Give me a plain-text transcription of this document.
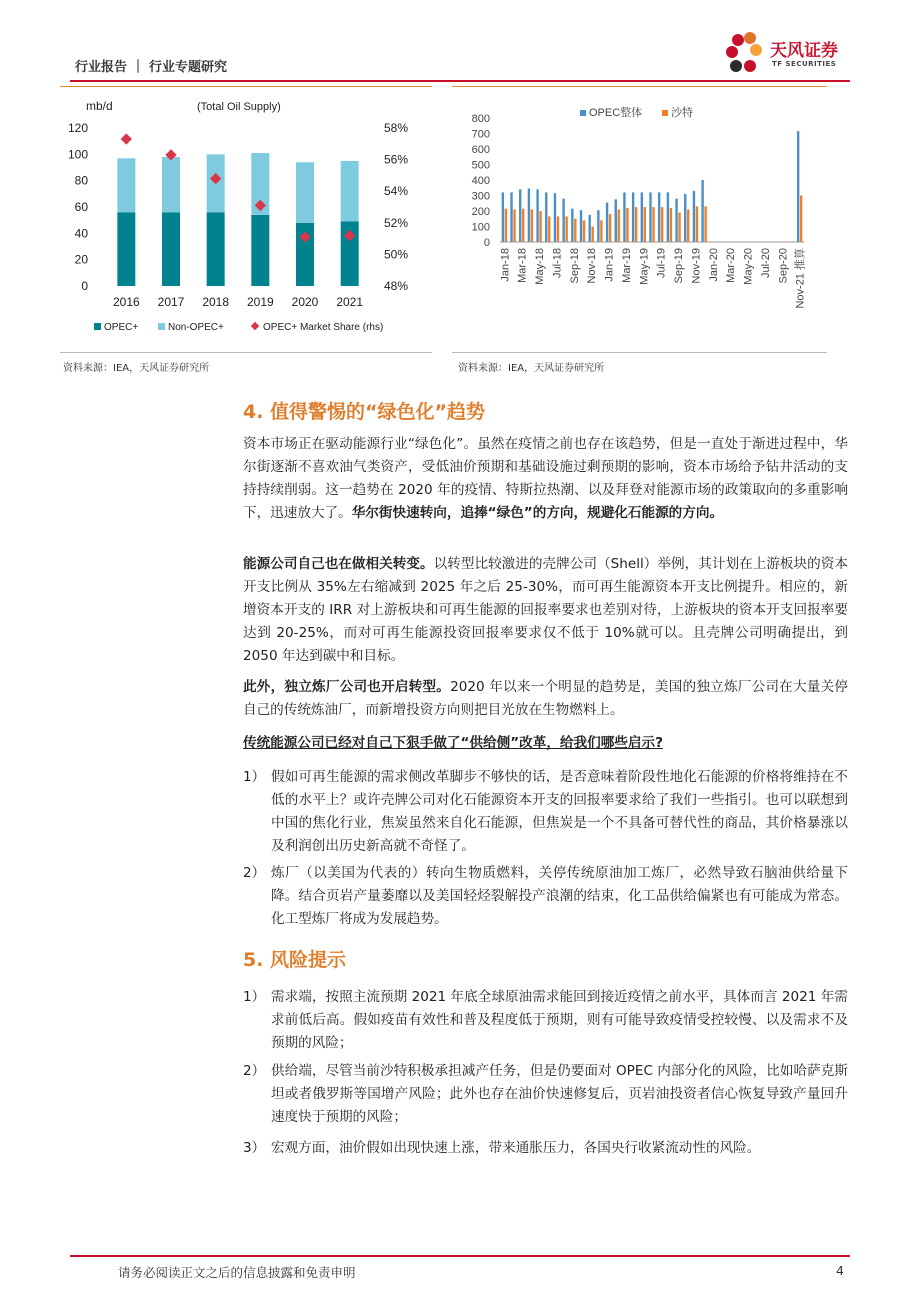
行业报告 ｜ 行业专题研究
天风证券
TF SECURITIES
mb/d	(Total Oil Supply)
120
100
80
60
40
20
0
58%
56%
54%
52%
50%
48%
2016 2017 2018 2019 2020 2021
OPEC+	Non-OPEC+	OPEC+ Market Share (rhs)
资料来源：IEA，天风证券研究所
800
700
600
500
400
300
200
100
0
Jan-18 Mar-18 May-18 Jul-18 Sep-18 Nov-18 Jan-19 Mar-19 May-19 Jul-19 Sep-19 Nov-19 Jan-20 Mar-20 May-20 Jul-20 Sep-20 Nov-21 推算
OPEC整体	沙特
资料来源：IEA，天风证券研究所
4. 值得警惕的“绿色化”趋势
资本市场正在驱动能源行业“绿色化”。虽然在疫情之前也存在该趋势，但是一直处于渐进过程中，华尔街逐渐不喜欢油气类资产，受低油价预期和基础设施过剩预期的影响，资本市场给予钻井活动的支持持续削弱。这一趋势在 2020 年的疫情、特斯拉热潮、以及拜登对能源市场的政策取向的多重影响下，迅速放大了。华尔街快速转向，追捧“绿色”的方向，规避化石能源的方向。
能源公司自己也在做相关转变。以转型比较激进的壳牌公司（Shell）举例，其计划在上游板块的资本开支比例从 35%左右缩减到 2025 年之后 25-30%，而可再生能源资本开支比例提升。相应的，新增资本开支的 IRR 对上游板块和可再生能源的回报率要求也差别对待，上游板块的资本开支回报率要达到 20-25%，而对可再生能源投资回报率要求仅不低于 10%就可以。且壳牌公司明确提出，到 2050 年达到碳中和目标。
此外，独立炼厂公司也开启转型。2020 年以来一个明显的趋势是，美国的独立炼厂公司在大量关停自己的传统炼油厂，而新增投资方向则把目光放在生物燃料上。
传统能源公司已经对自己下狠手做了“供给侧”改革，给我们哪些启示?
1） 假如可再生能源的需求侧改革脚步不够快的话，是否意味着阶段性地化石能源的价格将维持在不低的水平上？或许壳牌公司对化石能源资本开支的回报率要求给了我们一些指引。也可以联想到中国的焦化行业，焦炭虽然来自化石能源，但焦炭是一个不具备可替代性的商品，其价格暴涨以及利润创出历史新高就不奇怪了。
2） 炼厂（以美国为代表的）转向生物质燃料，关停传统原油加工炼厂，必然导致石脑油供给量下降。结合页岩产量萎靡以及美国轻烃裂解投产浪潮的结束，化工品供给偏紧也有可能成为常态。化工型炼厂将成为发展趋势。
5. 风险提示
1） 需求端，按照主流预期 2021 年底全球原油需求能回到接近疫情之前水平，具体而言 2021 年需求前低后高。假如疫苗有效性和普及程度低于预期，则有可能导致疫情受控较慢、以及需求不及预期的风险；
2） 供给端，尽管当前沙特积极承担减产任务，但是仍要面对 OPEC 内部分化的风险，比如哈萨克斯坦或者俄罗斯等国增产风险；此外也存在油价快速修复后，页岩油投资者信心恢复导致产量回升速度快于预期的风险；
3） 宏观方面，油价假如出现快速上涨，带来通胀压力，各国央行收紧流动性的风险。
请务必阅读正文之后的信息披露和免责申明	4
